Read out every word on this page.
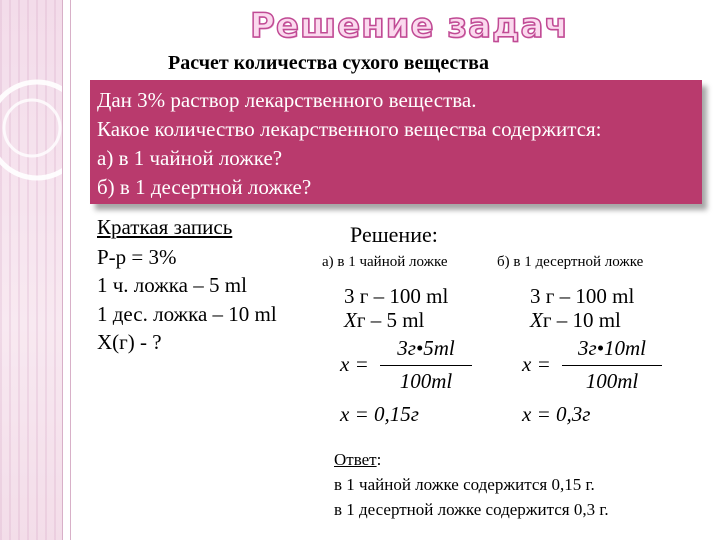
Решение задач
Расчет количества сухого вещества
Дан 3% раствор лекарственного вещества.
Какое количество лекарственного вещества содержится:
а) в 1 чайной ложке?
б) в 1 десертной ложке?
Краткая запись
Р-р = 3%
1 ч. ложка – 5 ml
1 дес. ложка – 10 ml
X(г) - ?
Решение:
а) в 1 чайной ложке
3 г – 100 ml
Xг – 5 ml
x =
3г•5ml
100ml
x = 0,15г
б) в 1 десертной ложке
3 г – 100 ml
Xг – 10 ml
x =
3г•10ml
100ml
x = 0,3г
Ответ:
в 1 чайной ложке содержится 0,15 г.
в 1 десертной ложке содержится 0,3 г.
